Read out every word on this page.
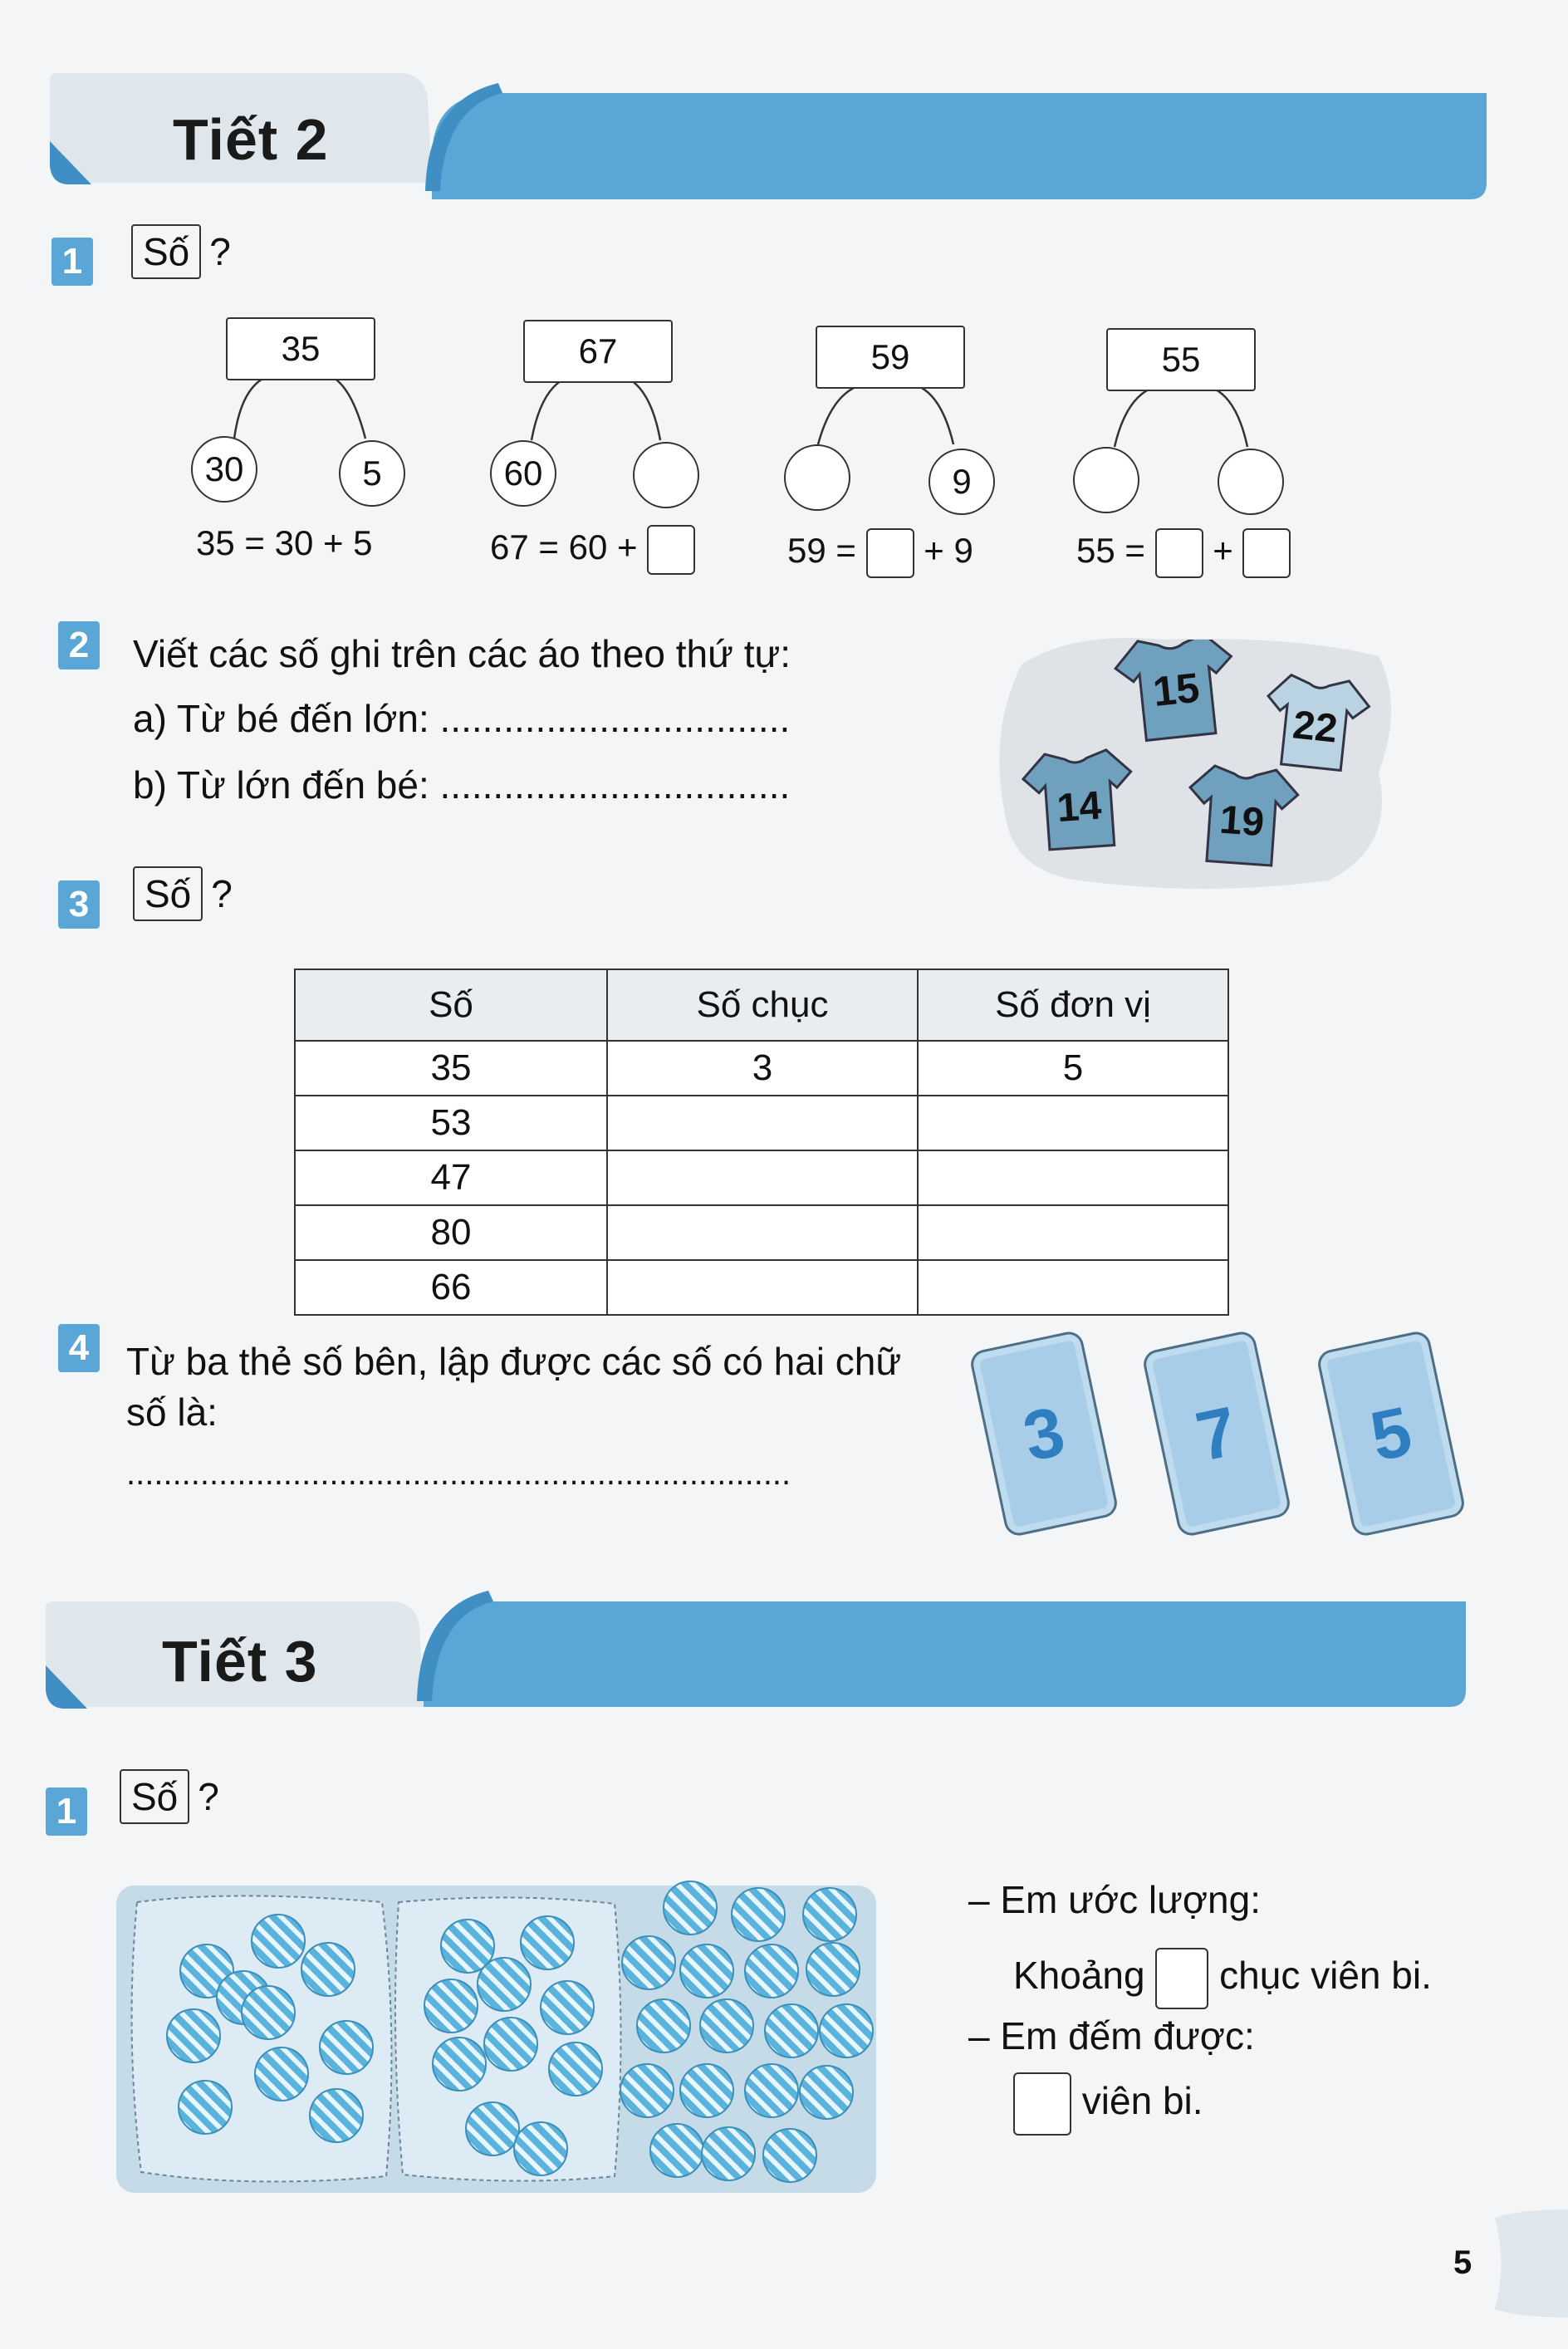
Tiết 2
Tiết 3
1	Số ?
35
30	5
35 = 30 + 5
67
60
67 = 60 +
59
9
59 = + 9
55
55 = +
2 Viết các số ghi trên các áo theo thứ tự:
a) Từ bé đến lớn: .................................
b) Từ lớn đến bé: .................................
15
22
14	19
3	Số ?
Số	Số chục	Số đơn vị
35	3	5
53		
47		
80		
66		
4 Từ ba thẻ số bên, lập được các số có hai chữ
số là:
........................................................................	3	7	5
1	Số ?
– Em ước lượng:
Khoảng chục viên bi.
– Em đếm được:
viên bi.
5
